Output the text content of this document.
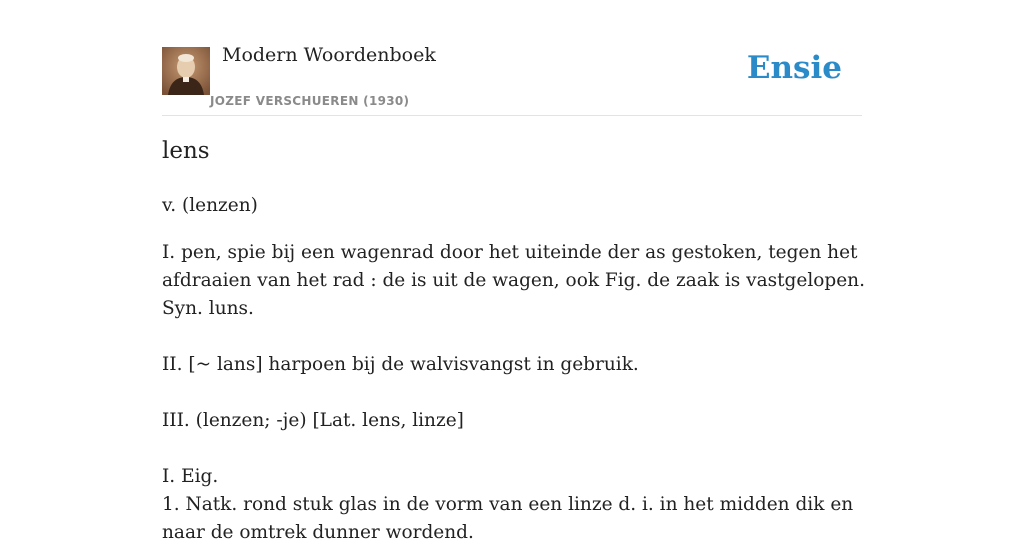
Modern Woordenboek
JOZEF VERSCHUEREN (1930)
Ensie
lens

v. (lenzen)

I. pen, spie bij een wagenrad door het uiteinde der as gestoken, tegen het afdraaien van het rad : de is uit de wagen, ook Fig. de zaak is vastgelopen. Syn. luns.

II. [~ lans] harpoen bij de walvisvangst in gebruik.

III. (lenzen; -je) [Lat. lens, linze]

I. Eig.

1. Natk. rond stuk glas in de vorm van een linze d. i. in het midden dik en naar de omtrek dunner wordend.
